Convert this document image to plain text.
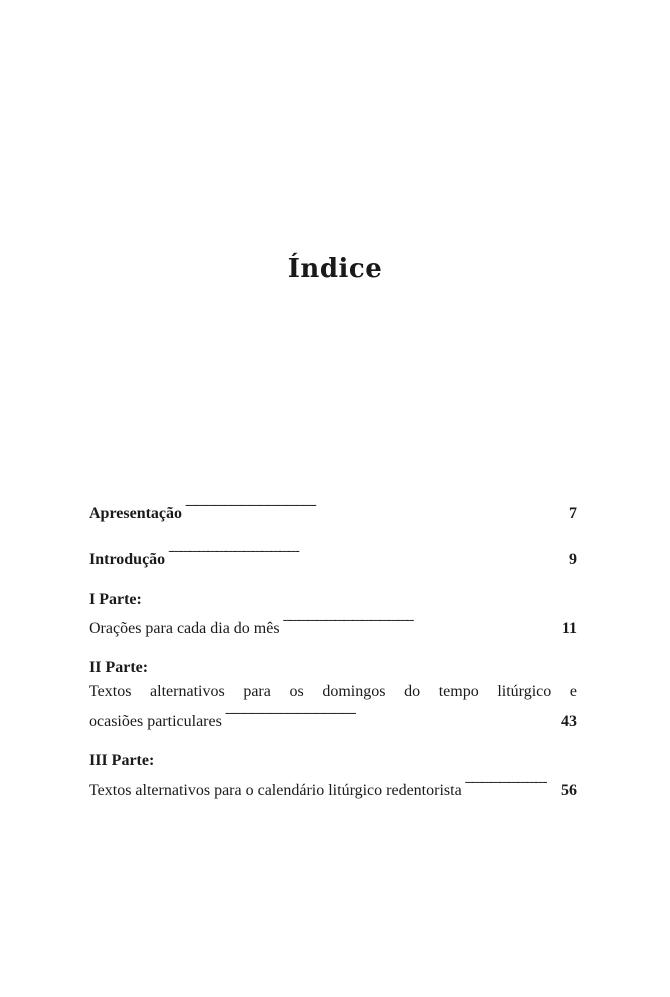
Índice
Apresentação . . .	7
Introdução . . .	9
I Parte:
Orações para cada dia do mês . . .	11
II Parte:
Textos alternativos para os domingos do tempo litúrgico e
ocasiões particulares . . .	43
III Parte:
Textos alternativos para o calendário litúrgico redentorista . . .	56
